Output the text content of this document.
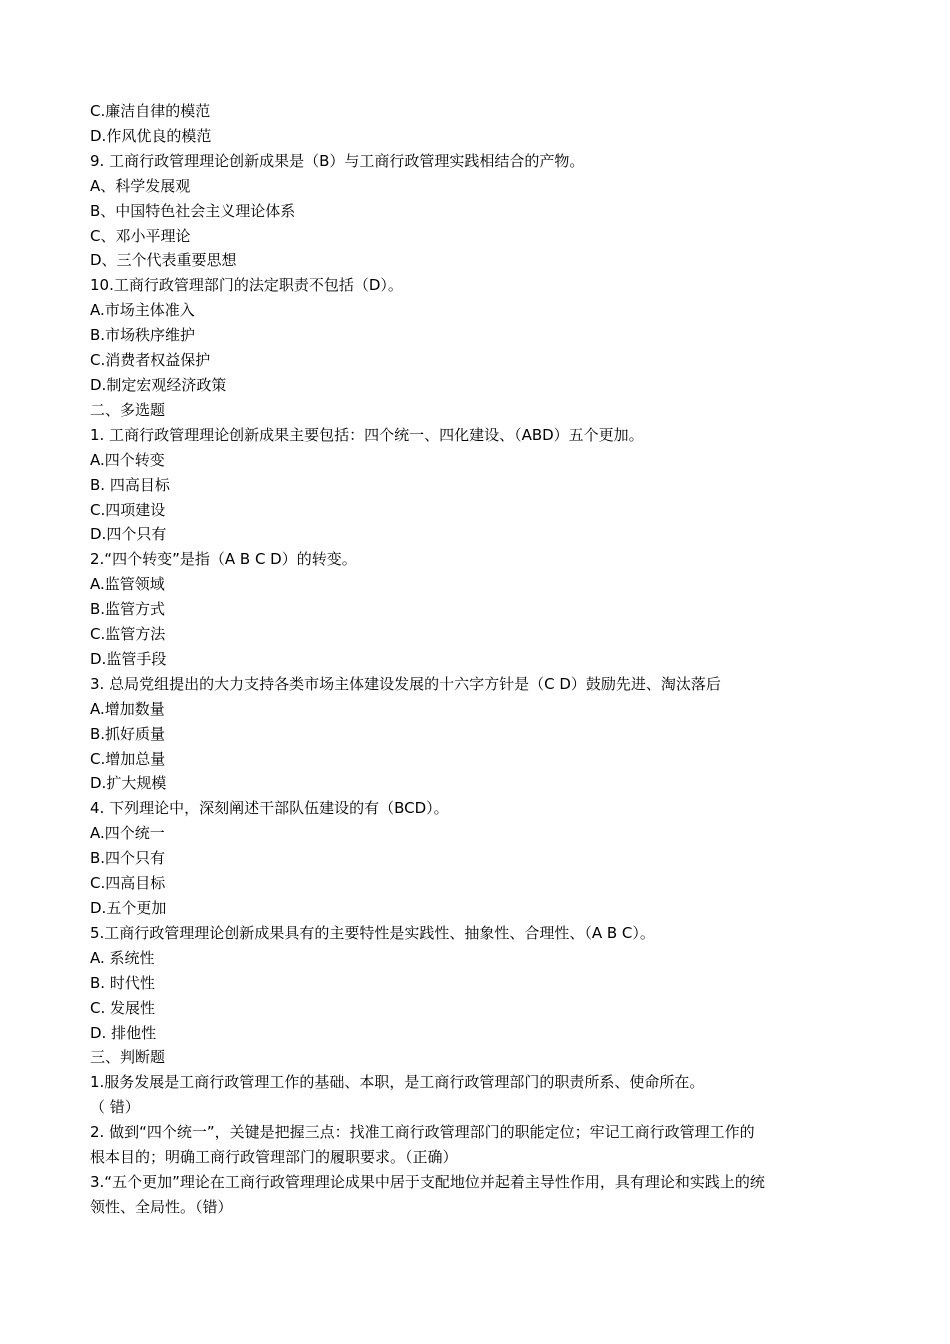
C.廉洁自律的模范

D.作风优良的模范

9. 工商行政管理理论创新成果是（B）与工商行政管理实践相结合的产物。

A、科学发展观

B、中国特色社会主义理论体系

C、邓小平理论

D、三个代表重要思想

10.工商行政管理部门的法定职责不包括（D）。

A.市场主体准入

B.市场秩序维护

C.消费者权益保护

D.制定宏观经济政策

二、多选题

1. 工商行政管理理论创新成果主要包括：四个统一、四化建设、（ABD）五个更加。

A.四个转变

B. 四高目标

C.四项建设

D.四个只有

2.“四个转变”是指（A B C D）的转变。

A.监管领域

B.监管方式

C.监管方法

D.监管手段

3. 总局党组提出的大力支持各类市场主体建设发展的十六字方针是（C D）鼓励先进、淘汰落后

A.增加数量

B.抓好质量

C.增加总量

D.扩大规模

4. 下列理论中，深刻阐述干部队伍建设的有（BCD）。

A.四个统一

B.四个只有

C.四高目标

D.五个更加

5.工商行政管理理论创新成果具有的主要特性是实践性、抽象性、合理性、（A B C）。

A. 系统性

B. 时代性

C. 发展性

D. 排他性

三、判断题

1.服务发展是工商行政管理工作的基础、本职，是工商行政管理部门的职责所系、使命所在。

（ 错）

2. 做到“四个统一”，关键是把握三点：找准工商行政管理部门的职能定位；牢记工商行政管理工作的

根本目的；明确工商行政管理部门的履职要求。（正确）

3.“五个更加”理论在工商行政管理理论成果中居于支配地位并起着主导性作用，具有理论和实践上的统

领性、全局性。（错）
